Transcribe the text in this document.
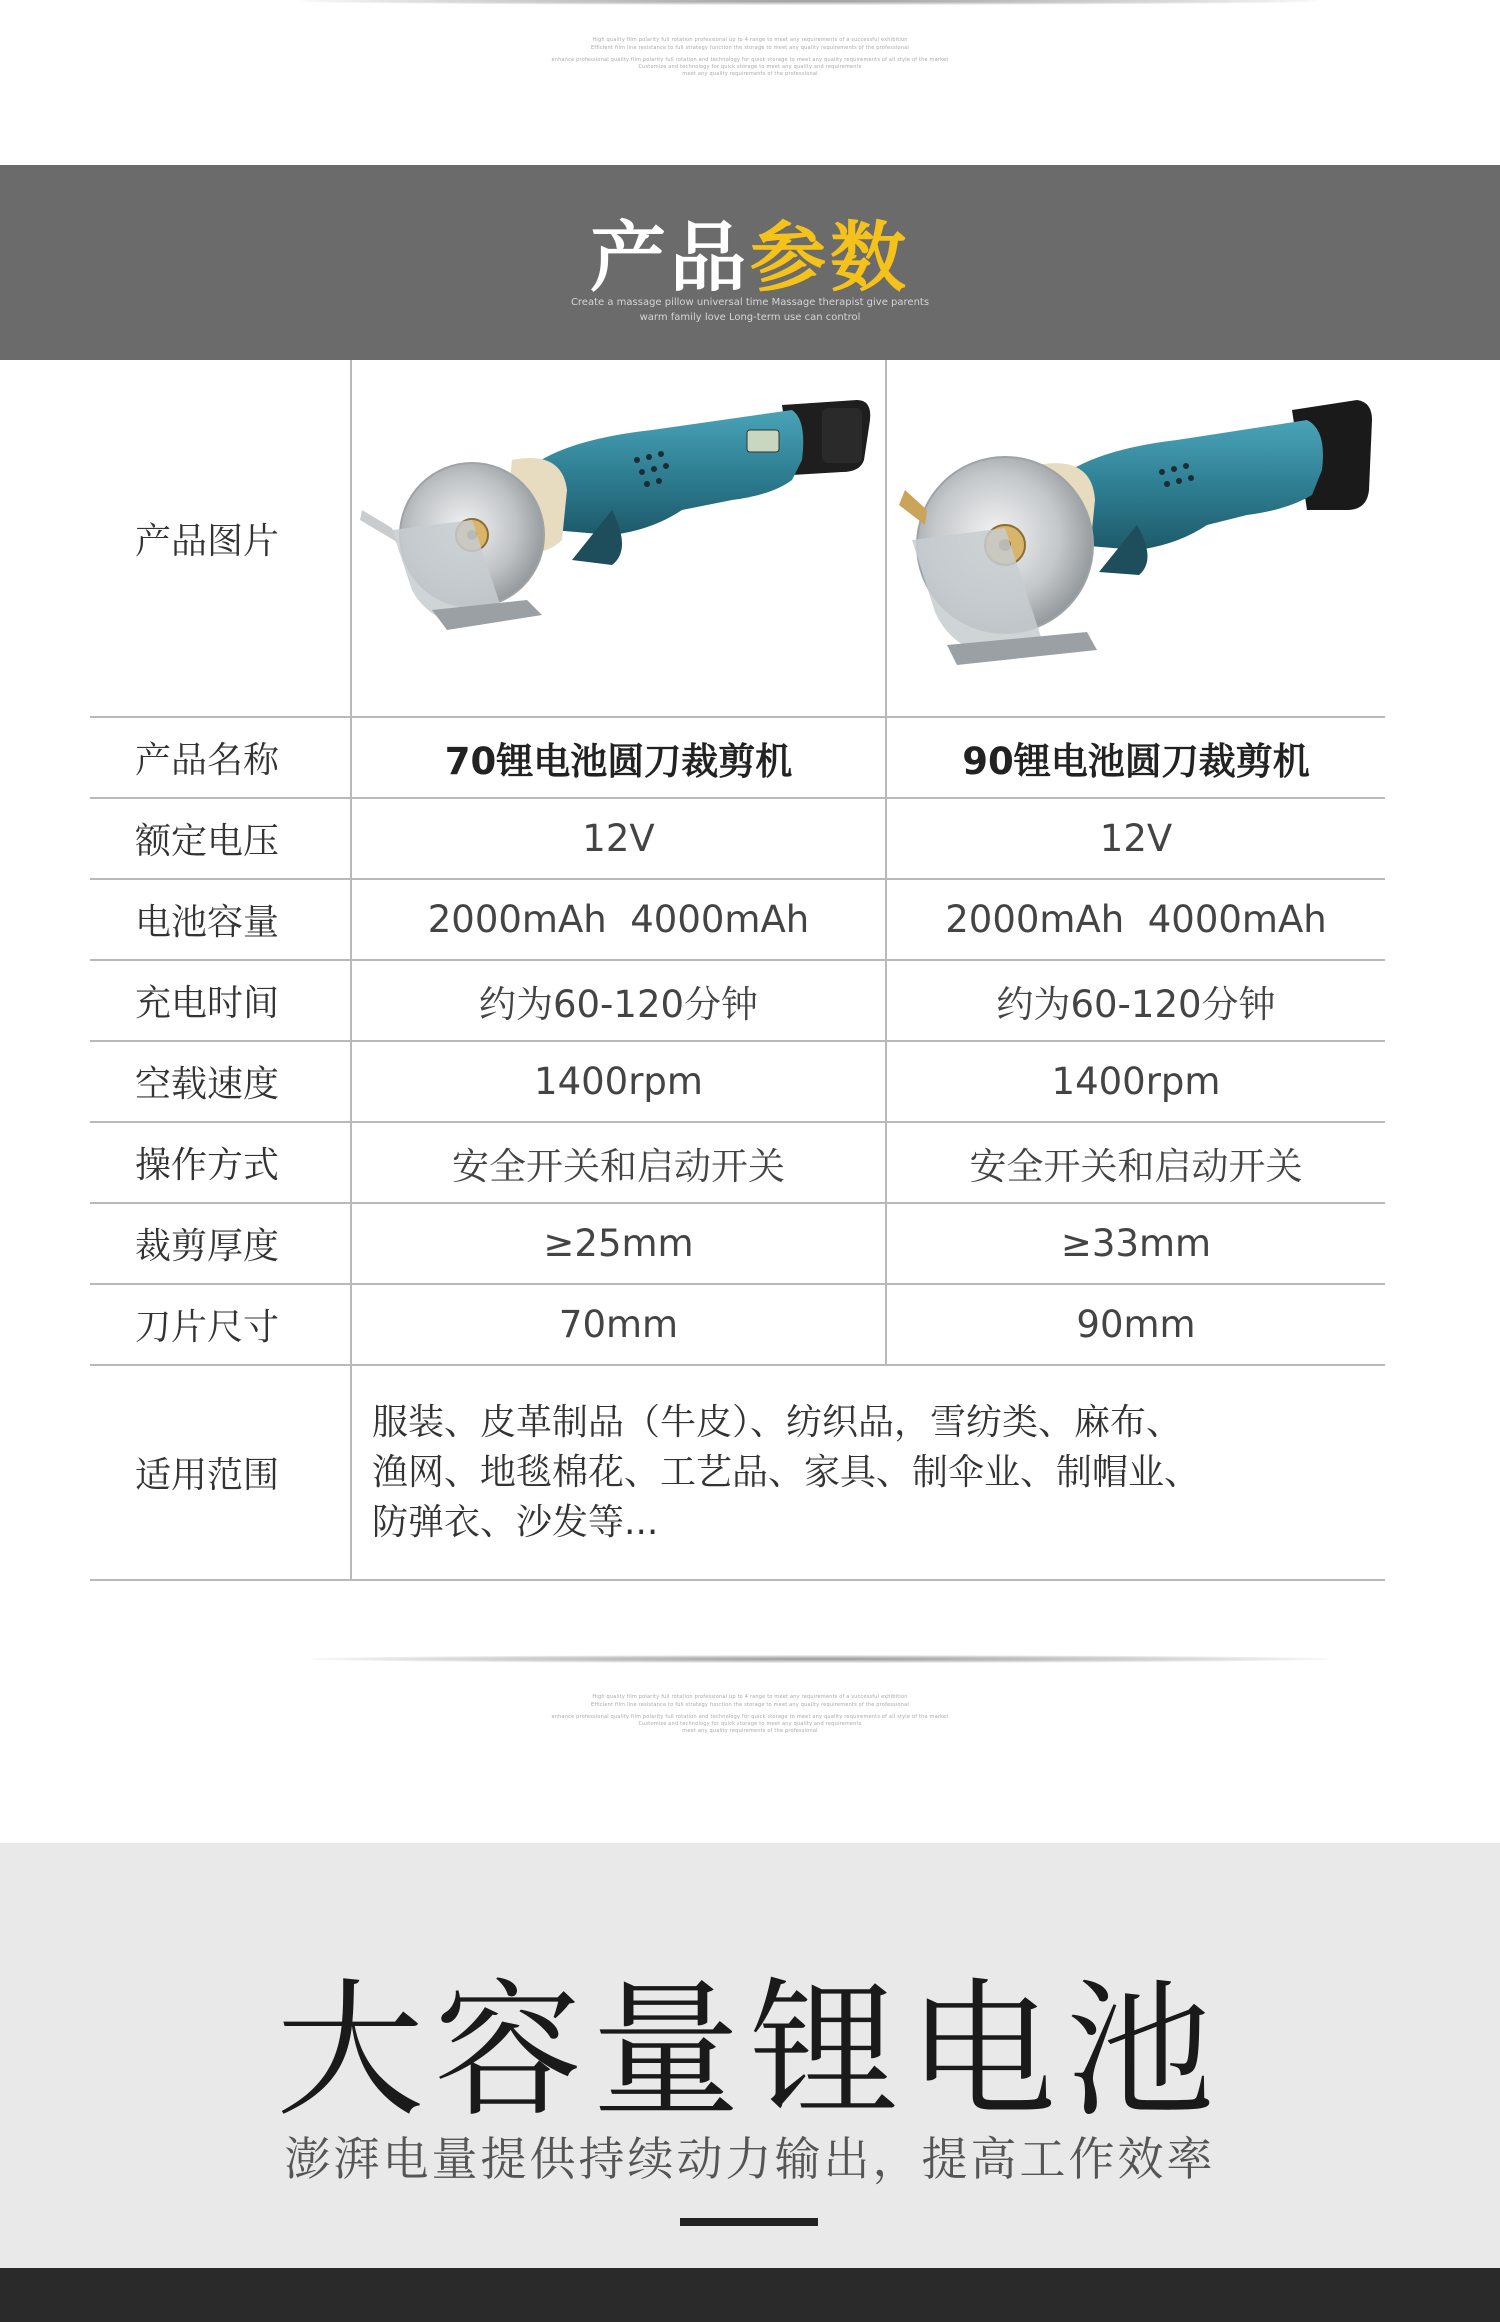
High quality film polarity full rotation professional up to 4 range to meet any requirements of a successful exhibition
Efficient film line resistance to full strategy function the storage to meet any quality requirements of the professional
enhance professional quality film polarity full rotation and technology for quick storage to meet any quality requirements of all style of the market
Customize and technology for quick storage to meet any quality and requirements
meet any quality requirements of the professional
产品参数
Create a massage pillow universal time Massage therapist give parents
warm family love Long-term use can control
产品图片
产品名称	70锂电池圆刀裁剪机	90锂电池圆刀裁剪机
额定电压	12V	12V
电池容量	2000mAh  4000mAh	2000mAh  4000mAh
充电时间	约为60-120分钟	约为60-120分钟
空载速度	1400rpm	1400rpm
操作方式	安全开关和启动开关	安全开关和启动开关
裁剪厚度	≥25mm	≥33mm
刀片尺寸	70mm	90mm
适用范围
服装、皮革制品（牛皮）、纺织品，雪纺类、麻布、
渔网、地毯棉花、工艺品、家具、制伞业、制帽业、
防弹衣、沙发等...
High quality film polarity full rotation professional up to 4 range to meet any requirements of a successful exhibition
Efficient film line resistance to full strategy function the storage to meet any quality requirements of the professional
enhance professional quality film polarity full rotation and technology for quick storage to meet any quality requirements of all style of the market
Customize and technology for quick storage to meet any quality and requirements
meet any quality requirements of the professional
大容量锂电池
澎湃电量提供持续动力输出，提高工作效率
